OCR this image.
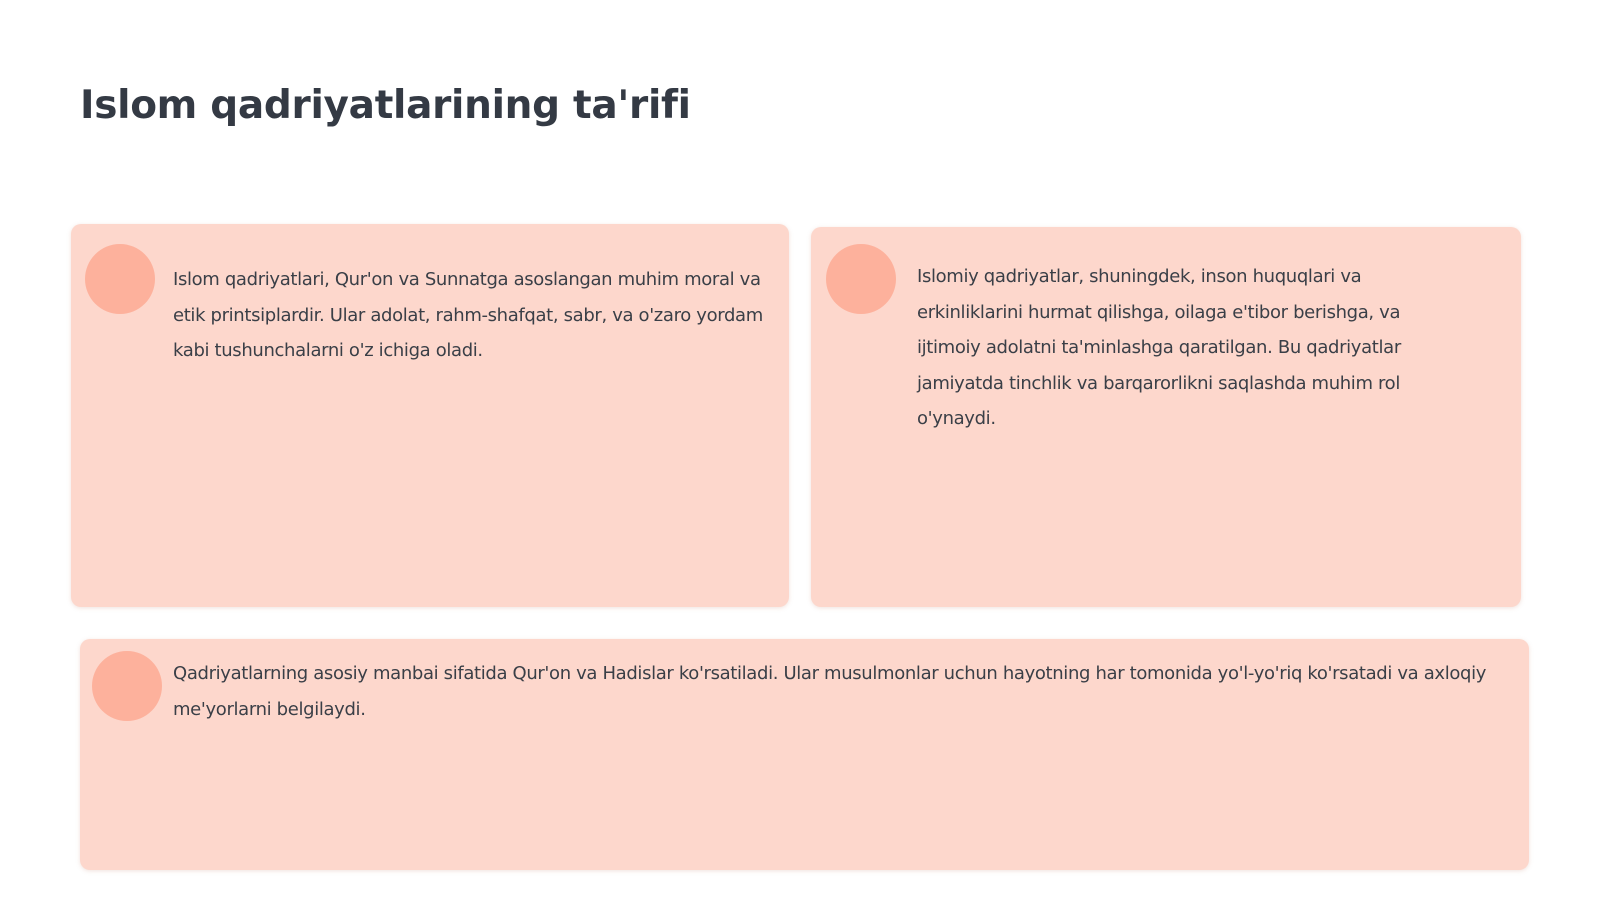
Islom qadriyatlarining ta'rifi

Islom qadriyatlari, Qur'on va Sunnatga asoslangan muhim moral va etik printsiplardir. Ular adolat, rahm-shafqat, sabr, va o'zaro yordam kabi tushunchalarni o'z ichiga oladi.

Islomiy qadriyatlar, shuningdek, inson huquqlari va erkinliklarini hurmat qilishga, oilaga e'tibor berishga, va ijtimoiy adolatni ta'minlashga qaratilgan. Bu qadriyatlar jamiyatda tinchlik va barqarorlikni saqlashda muhim rol o'ynaydi.

Qadriyatlarning asosiy manbai sifatida Qur'on va Hadislar ko'rsatiladi. Ular musulmonlar uchun hayotning har tomonida yo'l-yo'riq ko'rsatadi va axloqiy me'yorlarni belgilaydi.
